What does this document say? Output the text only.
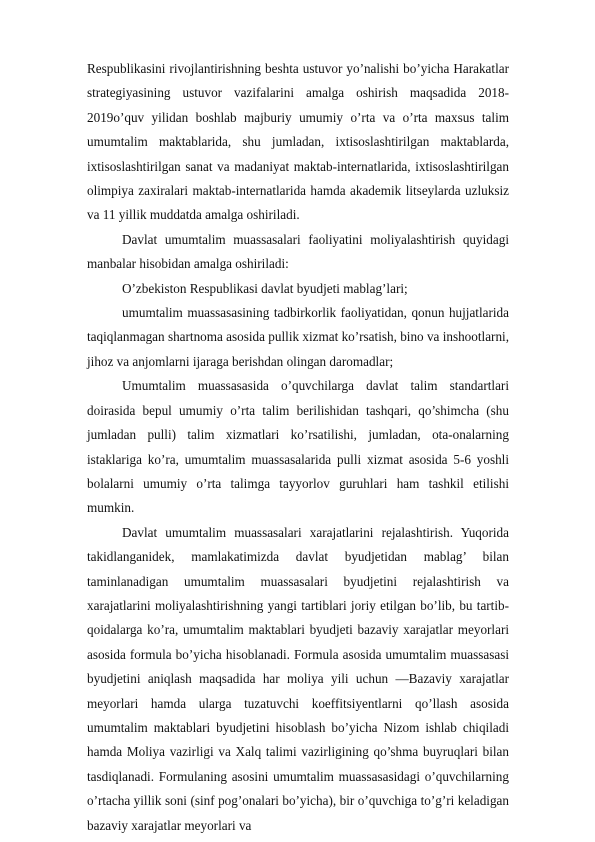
Respublikasini rivojlantirishning beshta ustuvor yo’nalishi bo’yicha Harakatlar strategiyasining ustuvor vazifalarini amalga oshirish maqsadida 2018-2019o’quv yilidan boshlab majburiy umumiy o’rta va o’rta maxsus talim umumtalim maktablarida, shu jumladan, ixtisoslashtirilgan maktablarda, ixtisoslashtirilgan sanat va madaniyat maktab-internatlarida, ixtisoslashtirilgan olimpiya zaxiralari maktab-internatlarida hamda akademik litseylarda uzluksiz va 11 yillik muddatda amalga oshiriladi.

Davlat umumtalim muassasalari faoliyatini moliyalashtirish quyidagi manbalar hisobidan amalga oshiriladi:

O’zbekiston Respublikasi davlat byudjeti mablag’lari;

umumtalim muassasasining tadbirkorlik faoliyatidan, qonun hujjatlarida taqiqlanmagan shartnoma asosida pullik xizmat ko’rsatish, bino va inshootlarni, jihoz va anjomlarni ijaraga berishdan olingan daromadlar;

Umumtalim muassasasida o’quvchilarga davlat talim standartlari doirasida bepul umumiy o’rta talim berilishidan tashqari, qo’shimcha (shu jumladan pulli) talim xizmatlari ko’rsatilishi, jumladan, ota-onalarning istaklariga ko’ra, umumtalim muassasalarida pulli xizmat asosida 5-6 yoshli bolalarni umumiy o’rta talimga tayyorlov guruhlari ham tashkil etilishi mumkin.

Davlat umumtalim muassasalari xarajatlarini rejalashtirish. Yuqorida takidlanganidek, mamlakatimizda davlat byudjetidan mablag’ bilan taminlanadigan umumtalim muassasalari byudjetini rejalashtirish va xarajatlarini moliyalashtirishning yangi tartiblari joriy etilgan bo’lib, bu tartib-qoidalarga ko’ra, umumtalim maktablari byudjeti bazaviy xarajatlar meyorlari asosida formula bo’yicha hisoblanadi. Formula asosida umumtalim muassasasi byudjetini aniqlash maqsadida har moliya yili uchun ―Bazaviy xarajatlar meyorlari hamda ularga tuzatuvchi koeffitsiyentlarni qo’llash asosida umumtalim maktablari byudjetini hisoblash bo’yicha Nizom ishlab chiqiladi hamda Moliya vazirligi va Xalq talimi vazirligining qo’shma buyruqlari bilan tasdiqlanadi. Formulaning asosini umumtalim muassasasidagi o’quvchilarning o’rtacha yillik soni (sinf pog’onalari bo’yicha), bir o’quvchiga to’g’ri keladigan bazaviy xarajatlar meyorlari va
